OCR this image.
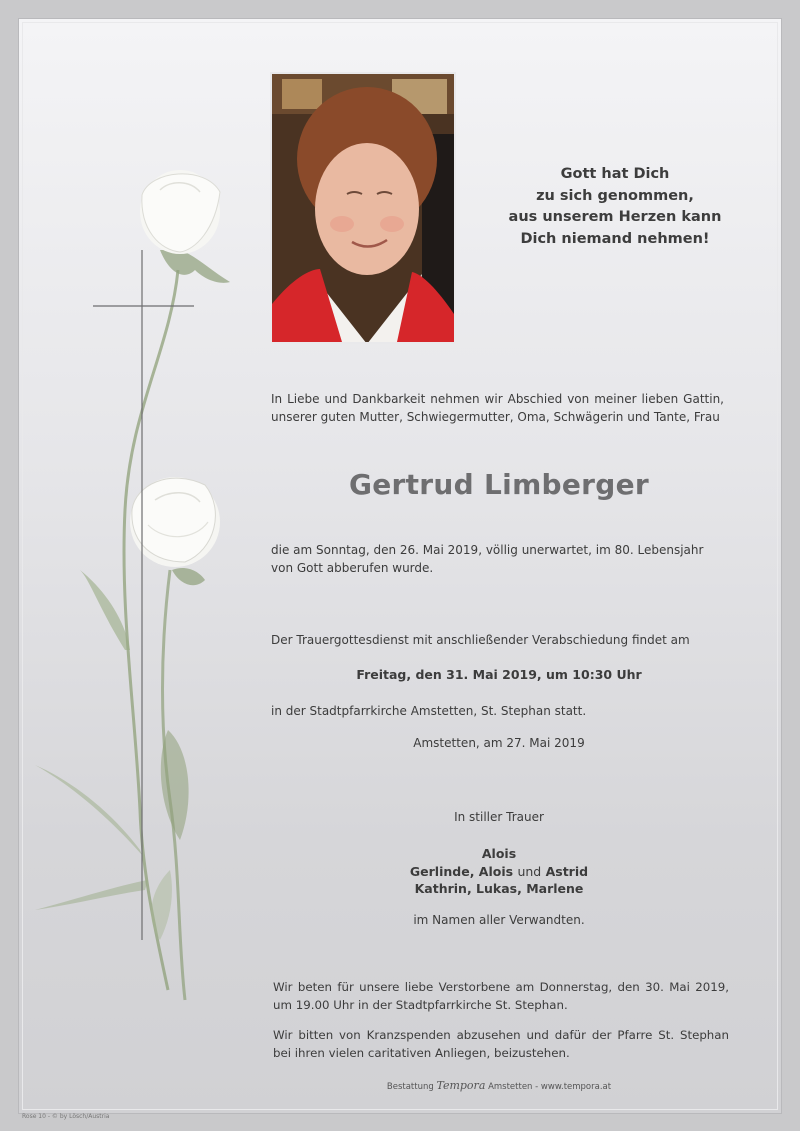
Gott hat Dich
zu sich genommen,
aus unserem Herzen kann
Dich niemand nehmen!
In Liebe und Dankbarkeit nehmen wir Abschied von meiner lieben Gattin, unserer guten Mutter, Schwiegermutter, Oma, Schwägerin und Tante, Frau
Gertrud Limberger
die am Sonntag, den 26. Mai 2019, völlig unerwartet, im 80. Lebensjahr von Gott abberufen wurde.
Der Trauergottesdienst mit anschließender Verabschiedung findet am
Freitag, den 31. Mai 2019, um 10:30 Uhr
in der Stadtpfarrkirche Amstetten, St. Stephan statt.
Amstetten, am 27. Mai 2019
In stiller Trauer
Alois
Gerlinde, Alois und Astrid
Kathrin, Lukas, Marlene
im Namen aller Verwandten.
Wir beten für unsere liebe Verstorbene am Donnerstag, den 30. Mai 2019, um 19.00 Uhr in der Stadtpfarrkirche St. Stephan.
Wir bitten von Kranzspenden abzusehen und dafür der Pfarre St. Stephan bei ihren vielen caritativen Anliegen, beizustehen.
Bestattung Tempora Amstetten - www.tempora.at
Rose 10 - © by Lösch/Austria
